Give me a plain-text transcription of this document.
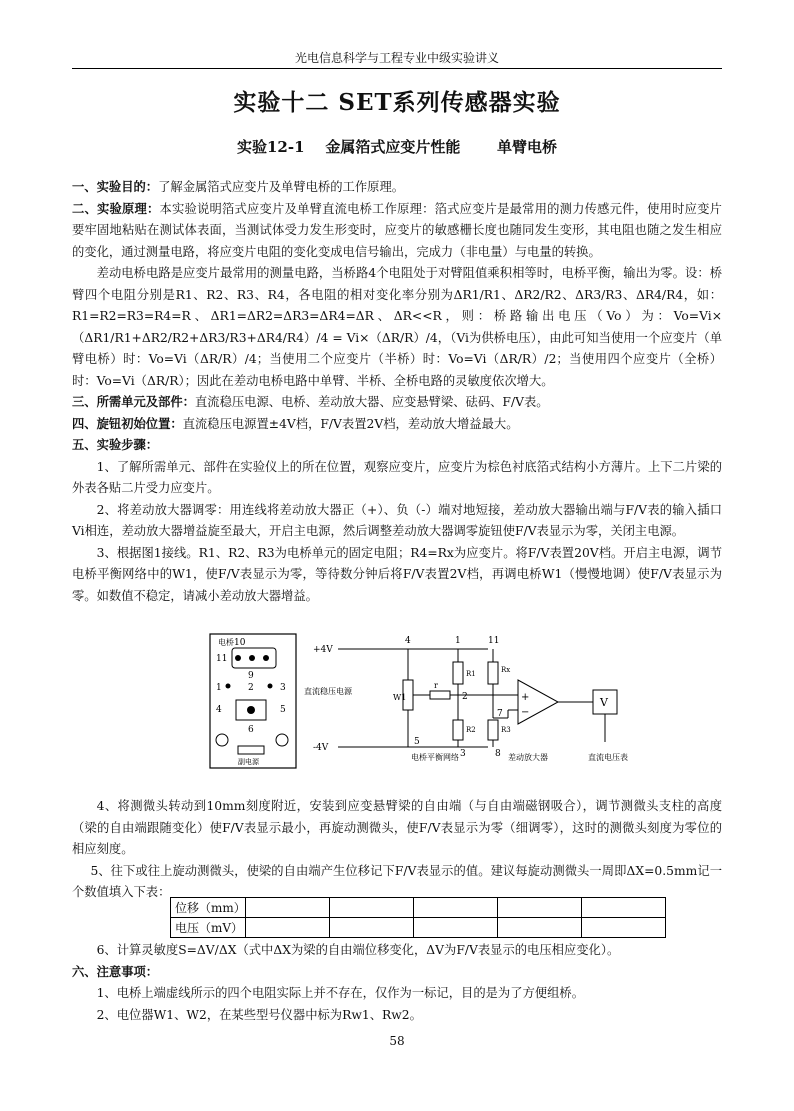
光电信息科学与工程专业中级实验讲义
实验十二 SET系列传感器实验
实验12-1 金属箔式应变片性能 单臂电桥

一、实验目的：了解金属箔式应变片及单臂电桥的工作原理。

二、实验原理：本实验说明箔式应变片及单臂直流电桥工作原理：箔式应变片是最常用的测力传感元件，使用时应变片要牢固地粘贴在测试体表面，当测试体受力发生形变时，应变片的敏感栅长度也随同发生变形，其电阻也随之发生相应的变化，通过测量电路，将应变片电阻的变化变成电信号输出，完成力（非电量）与电量的转换。

差动电桥电路是应变片最常用的测量电路，当桥路4个电阻处于对臂阻值乘积相等时，电桥平衡，输出为零。设：桥臂四个电阻分别是R1、R2、R3、R4，各电阻的相对变化率分别为ΔR1/R1、ΔR2/R2、ΔR3/R3、ΔR4/R4，如：R1=R2=R3=R4=R、ΔR1=ΔR2=ΔR3=ΔR4=ΔR、ΔR<<R，则：桥路输出电压（Vo）为：Vo=Vi×（ΔR1/R1+ΔR2/R2+ΔR3/R3+ΔR4/R4）/4 = Vi×（ΔR/R）/4，（Vi为供桥电压），由此可知当使用一个应变片（单臂电桥）时：Vo=Vi（ΔR/R）/4；当使用二个应变片（半桥）时：Vo=Vi（ΔR/R）/2；当使用四个应变片（全桥）时：Vo=Vi（ΔR/R）；因此在差动电桥电路中单臂、半桥、全桥电路的灵敏度依次增大。

三、所需单元及部件：直流稳压电源、电桥、差动放大器、应变悬臂梁、砝码、F/V表。

四、旋钮初始位置：直流稳压电源置±4V档，F/V表置2V档，差动放大增益最大。

五、实验步骤：

1、了解所需单元、部件在实验仪上的所在位置，观察应变片，应变片为棕色衬底箔式结构小方薄片。上下二片梁的外表各贴二片受力应变片。

2、将差动放大器调零：用连线将差动放大器正（+）、负（-）端对地短接，差动放大器输出端与F/V表的输入插口Vi相连，差动放大器增益旋至最大，开启主电源，然后调整差动放大器调零旋钮使F/V表显示为零，关闭主电源。

3、根据图1接线。R1、R2、R3为电桥单元的固定电阻；R4=Rx为应变片。将F/V表置20V档。开启主电源，调节电桥平衡网络中的W1，使F/V表显示为零，等待数分钟后将F/V表置2V档，再调电桥W1（慢慢地调）使F/V表显示为零。如数值不稳定，请减小差动放大器增益。

电桥 10
11
9
1	2	3
4	5
6
副电源
+4V
-4V
直流稳压电源
W1
r
R1
R2
Rx
R3
4	1	11
2
7
5
3	8
+
−
差动放大器
V
直流电压表
电桥平衡网络

4、将测微头转动到10mm刻度附近，安装到应变悬臂梁的自由端（与自由端磁钢吸合），调节测微头支柱的高度（梁的自由端跟随变化）使F/V表显示最小，再旋动测微头，使F/V表显示为零（细调零），这时的测微头刻度为零位的相应刻度。

5、往下或往上旋动测微头，使梁的自由端产生位移记下F/V表显示的值。建议每旋动测微头一周即ΔX=0.5mm记一个数值填入下表：

位移（mm）					
电压（mV）					

6、计算灵敏度S=ΔV/ΔX（式中ΔX为梁的自由端位移变化，ΔV为F/V表显示的电压相应变化）。

六、注意事项：

1、电桥上端虚线所示的四个电阻实际上并不存在，仅作为一标记，目的是为了方便组桥。

2、电位器W1、W2，在某些型号仪器中标为Rw1、Rw2。

58
